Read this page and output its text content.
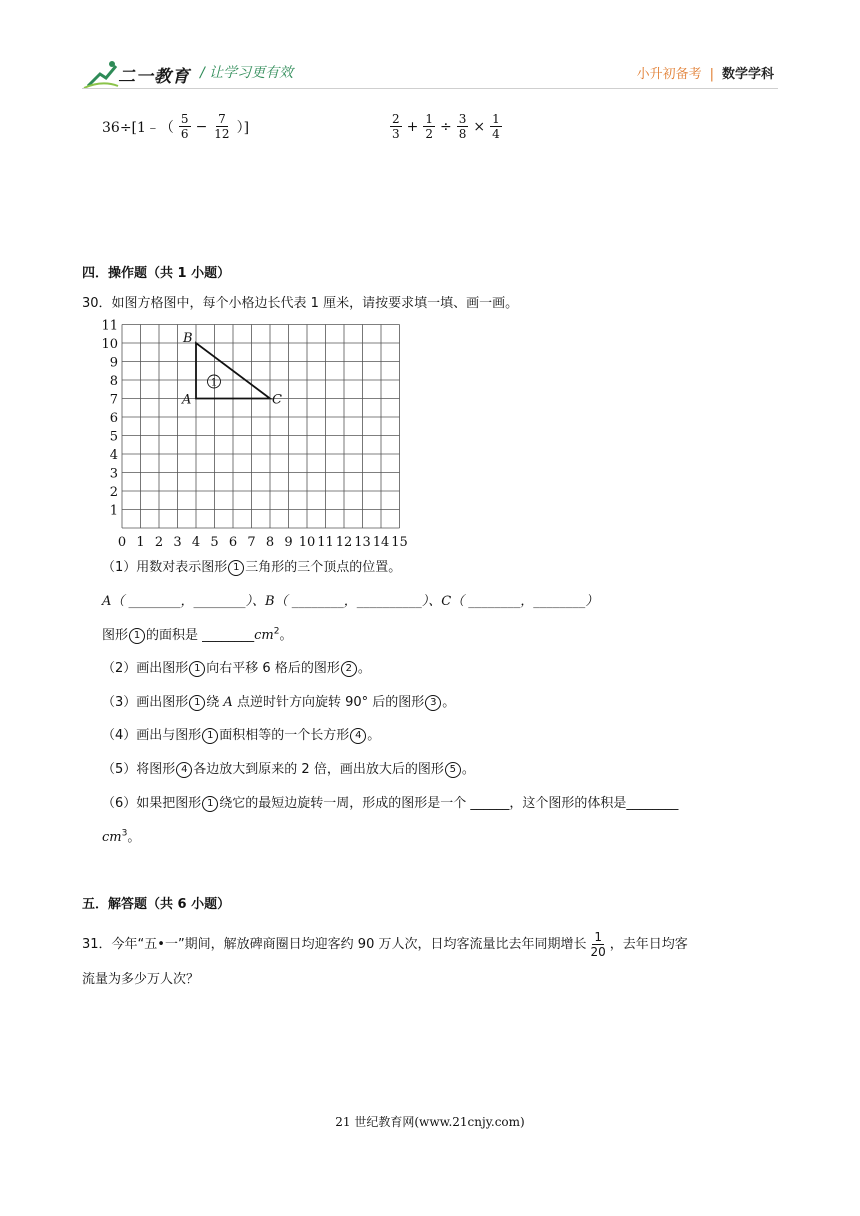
二一教育 / 让学习更有效	小升初备考 | 数学学科
36÷[1﹣（ $\frac{5}{6} - \frac{7}{12}$ ）]	$\frac{2}{3} + \frac{1}{2} \div \frac{3}{8} \times \frac{1}{4}$
四．操作题（共 1 小题）
30．如图方格图中，每个小格边长代表 1 厘米，请按要求填一填、画一画。
0 1 2 3 4 5 6 7 8 9 10 11 12 13 14 15
1
2
3
4
5
6
7
8
9
10
11
A
B
C
1
（1）用数对表示图形 1 三角形的三个顶点的位置。
A（ ________，________）、B（ ________，__________）、C（ ________，________）
图形 1 的面积是 $\_\_\_\_\_\_\_\_cm^2$。
（2）画出图形 1 向右平移 6 格后的图形 2 。
（3）画出图形 1 绕 A 点逆时针方向旋转 90° 后的图形 3 。
（4）画出与图形 1 面积相等的一个长方形 4 。
（5）将图形 4 各边放大到原来的 2 倍，画出放大后的图形 5 。
（6）如果把图形 1 绕它的最短边旋转一周，形成的图形是一个 ______，这个图形的体积是________
$cm^3$。
五．解答题（共 6 小题）
31．今年“五•一”期间，解放碑商圈日均迎客约 90 万人次，日均客流量比去年同期增长 $\frac{1}{20}$ ，去年日均客
流量为多少万人次？
21 世纪教育网(www.21cnjy.com)
